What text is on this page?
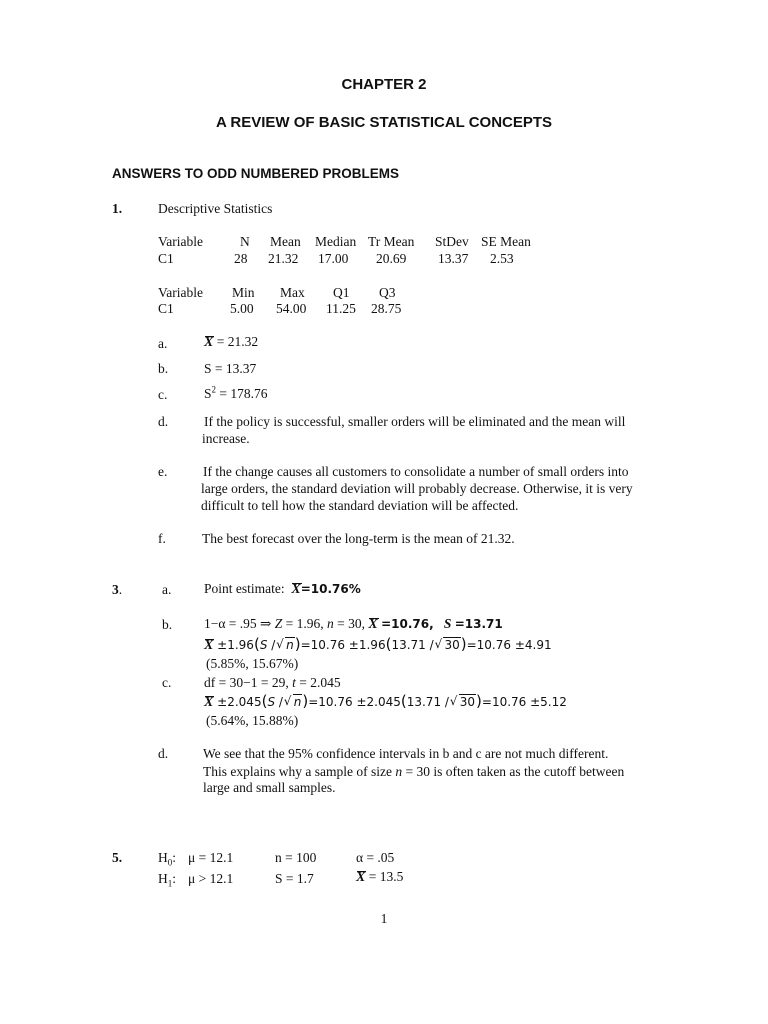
CHAPTER 2
A REVIEW OF BASIC STATISTICAL CONCEPTS
ANSWERS TO ODD NUMBERED PROBLEMS
1.	Descriptive Statistics
Variable	N Mean Median Tr Mean StDev SE Mean
C1	28 21.32 17.00 20.69 13.37 2.53
Variable Min Max Q1 Q3
C1	5.00 54.00 11.25 28.75
a.	X = 21.32
b.	S = 13.37
c.	$S^2 = 178.76$
d.	If the policy is successful, smaller orders will be eliminated and the mean will
increase.
e.	If the change causes all customers to consolidate a number of small orders into
large orders, the standard deviation will probably decrease. Otherwise, it is very
difficult to tell how the standard deviation will be affected.
f.	The best forecast over the long-term is the mean of 21.32.
3.	a. Point estimate: X=10.76%
b. 1−α = .95 ⇒ Z = 1.96, n = 30, X =10.76, S =13.71
X ±1.96(S / √ n)=10.76 ±1.96(13.71 / √ 30)=10.76 ±4.91
(5.85%, 15.67%)
c. df = 30−1 = 29, t = 2.045
X ±2.045(S / √ n)=10.76 ±2.045(13.71 / √ 30)=10.76 ±5.12
(5.64%, 15.88%)
d.	We see that the 95% confidence intervals in b and c are not much different.
This explains why a sample of size n = 30 is often taken as the cutoff between
large and small samples.
5.	$H_0$: μ = 12.1	n = 100	α = .05
$H_1$: μ > 12.1	S = 1.7	X = 13.5
1
